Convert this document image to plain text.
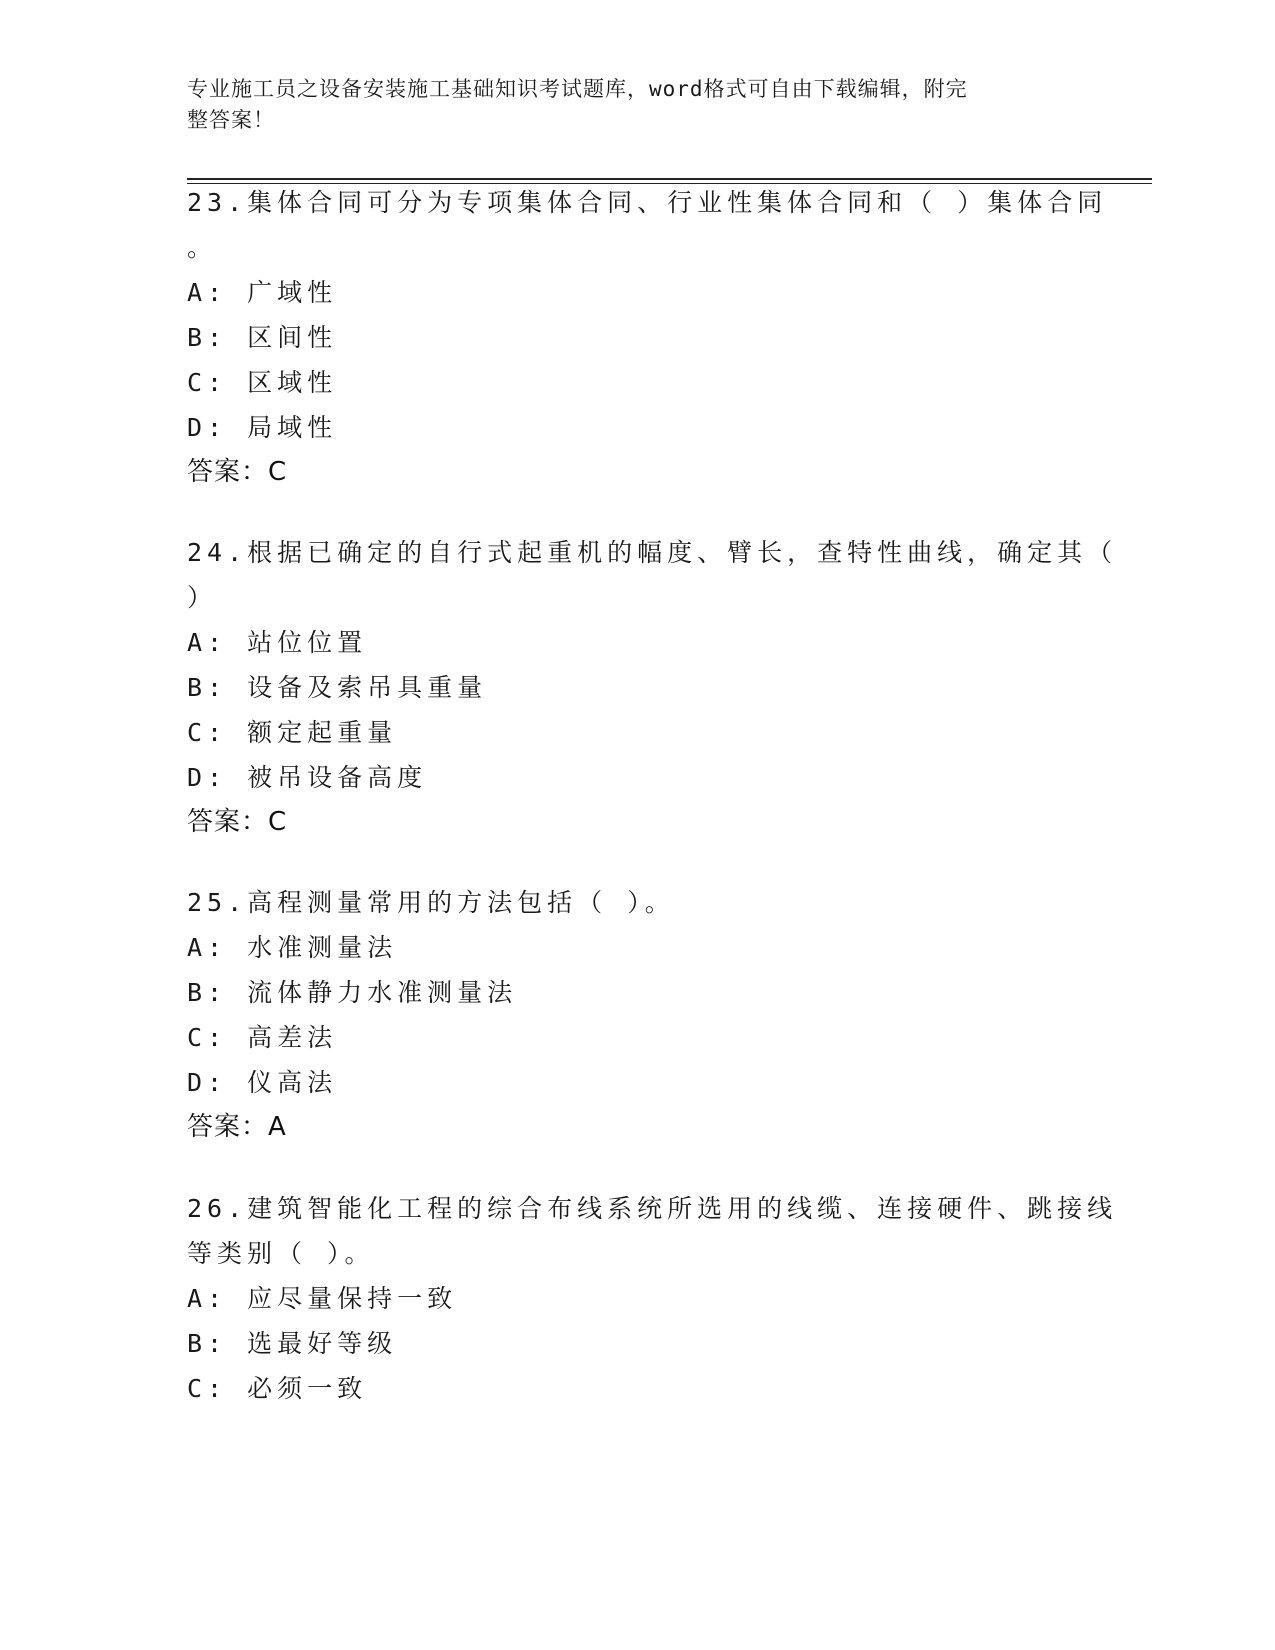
专业施工员之设备安装施工基础知识考试题库，word格式可自由下载编辑，附完
整答案！
23.集体合同可分为专项集体合同、行业性集体合同和（ ）集体合同
。
A: 广域性
B: 区间性
C: 区域性
D: 局域性
答案：C
24.根据已确定的自行式起重机的幅度、臂长，查特性曲线，确定其（
）
A: 站位位置
B: 设备及索吊具重量
C: 额定起重量
D: 被吊设备高度
答案：C
25.高程测量常用的方法包括（ ）。
A: 水准测量法
B: 流体静力水准测量法
C: 高差法
D: 仪高法
答案：A
26.建筑智能化工程的综合布线系统所选用的线缆、连接硬件、跳接线
等类别（ ）。
A: 应尽量保持一致
B: 选最好等级
C: 必须一致
